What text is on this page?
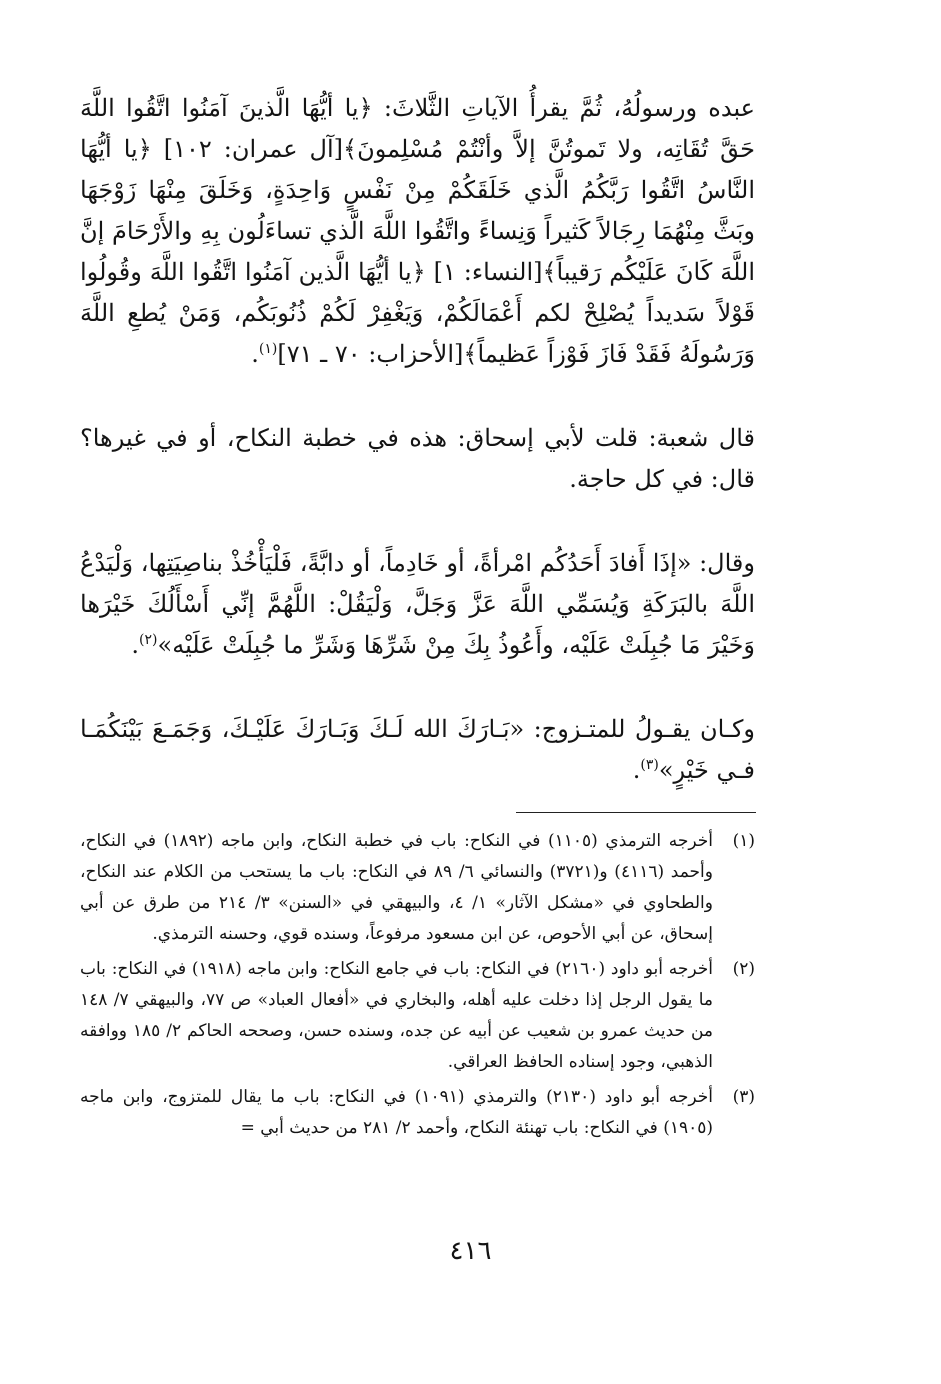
عبده ورسولُهُ، ثُمَّ يقرأُ الآياتِ الثَّلاثَ: ﴿يا أيُّهَا الَّذينَ آمَنُوا اتَّقُوا اللَّهَ حَقَّ تُقَاتِه، ولا تَموتُنَّ إلاَّ وأنْتُمْ مُسْلِمونَ﴾[آل عمران: ١٠٢] ﴿يا أيُّهَا النَّاسُ اتَّقُوا رَبَّكُمُ الَّذي خَلَقَكُمْ مِنْ نَفْسٍ وَاحِدَةٍ، وَخَلَقَ مِنْهَا زَوْجَهَا وبَثَّ مِنْهُمَا رِجَالاً كَثيراً وَنِساءً واتَّقُوا اللَّهَ الَّذي تساءَلُون بِهِ والأَرْحَامَ إنَّ اللَّهَ كَانَ عَلَيْكُم رَقيباً﴾[النساء: ١] ﴿يا أيُّهَا الَّذين آمَنُوا اتَّقُوا اللَّهَ وقُولُوا قَوْلاً سَديداً يُصْلِحْ لكم أَعْمَالَكُمْ، وَيَغْفِرْ لَكُمْ ذُنُوبَكُم، وَمَنْ يُطعِ اللَّهَ وَرَسُولَهُ فَقَدْ فَازَ فَوْزاً عَظيماً﴾[الأحزاب: ٧٠ ـ ٧١]$^{(١)}$.

قال شعبة: قلت لأبي إسحاق: هذه في خطبة النكاح، أو في غيرها؟ قال: في كل حاجة.

وقال: «إذَا أَفادَ أَحَدُكُم امْرأةً، أو خَادِماً، أو دابَّةً، فَلْيَأْخُذْ بناصِيَتِها، وَلْيَدْعُ اللَّهَ بالبَرَكَةِ وَيُسَمِّي اللَّهَ عَزَّ وَجَلَّ، وَلْيَقُلْ: اللَّهُمَّ إنِّي أَسْأَلُكَ خَيْرَها وَخَيْرَ مَا جُبِلَتْ عَلَيْه، وأَعُوذُ بِكَ مِنْ شَرِّهَا وَشَرِّ ما جُبِلَتْ عَلَيْه»$^{(٢)}$.

وكـان يقـولُ للمتـزوج: «بَـارَكَ الله لَـكَ وَبَـارَكَ عَلَيْـكَ، وَجَمَـعَ بَيْنَكُمَـا فـي خَيْرٍ»$^{(٣)}$.

(١)
أخرجه الترمذي (١١٠٥) في النكاح: باب في خطبة النكاح، وابن ماجه (١٨٩٢) في النكاح، وأحمد (٤١١٦) و(٣٧٢١) والنسائي ٦/ ٨٩ في النكاح: باب ما يستحب من الكلام عند النكاح، والطحاوي في «مشكل الآثار» ١/ ٤، والبيهقي في «السنن» ٣/ ٢١٤ من طرق عن أبي إسحاق، عن أبي الأحوص، عن ابن مسعود مرفوعاً، وسنده قوي، وحسنه الترمذي.
(٢)
أخرجه أبو داود (٢١٦٠) في النكاح: باب في جامع النكاح: وابن ماجه (١٩١٨) في النكاح: باب ما يقول الرجل إذا دخلت عليه أهله، والبخاري في «أفعال العباد» ص ٧٧، والبيهقي ٧/ ١٤٨ من حديث عمرو بن شعيب عن أبيه عن جده، وسنده حسن، وصححه الحاكم ٢/ ١٨٥ ووافقه الذهبي، وجود إسناده الحافظ العراقي.
(٣)
أخرجه أبو داود (٢١٣٠) والترمذي (١٠٩١) في النكاح: باب ما يقال للمتزوج، وابن ماجه (١٩٠٥) في النكاح: باب تهنئة النكاح، وأحمد ٢/ ٢٨١ من حديث أبي =
٤١٦
